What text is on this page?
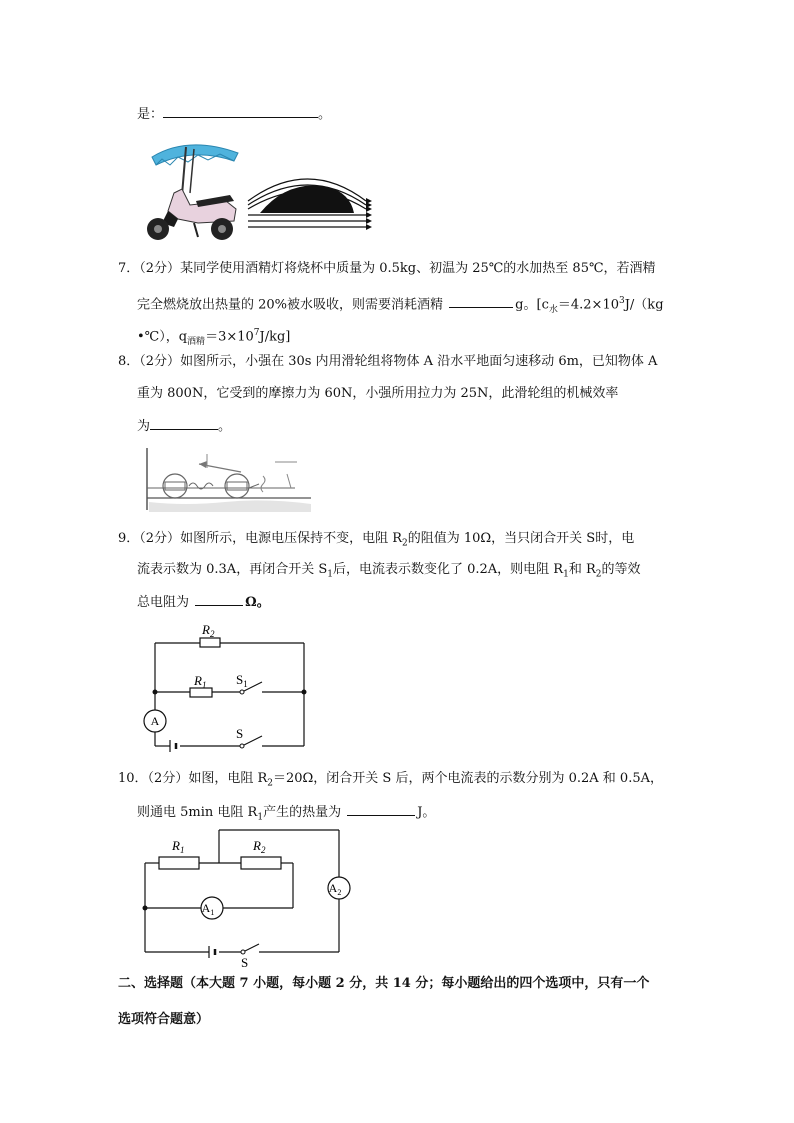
是：	。
7．（2分）某同学使用酒精灯将烧杯中质量为 0.5kg、初温为 25℃的水加热至 85℃，若酒精
完全燃烧放出热量的 20%被水吸收，则需要消耗酒精	g。[$c_水=4.2\times 10^3J/(kg$
•℃），$q_{酒精}=3\times 10^7J/kg$]
8．（2分）如图所示，小强在 30s 内用滑轮组将物体 A 沿水平地面匀速移动 6m，已知物体 A
重为 800N，它受到的摩擦力为 60N，小强所用拉力为 25N，此滑轮组的机械效率
为	。
9．（2分）如图所示，电源电压保持不变，电阻 $R_2$的阻值为 10Ω，当只闭合开关 S时，电
流表示数为 0.3A，再闭合开关 $S_1$后，电流表示数变化了 0.2A，则电阻 $R_1$和 $R_2$的等效
总电阻为	Ω。
A
$R_2$
$R_1$ $S_1$
S
10．（2分）如图，电阻 $R_2=20\Omega$，闭合开关 S 后，两个电流表的示数分别为 0.2A 和 0.5A，
则通电 5min 电阻 $R_1$产生的热量为	J。
$A_1$
$A_2$
$R_1$	$R_2$
S
二、选择题（本大题 7 小题，每小题 2 分，共 14 分；每小题给出的四个选项中，只有一个
选项符合题意）
